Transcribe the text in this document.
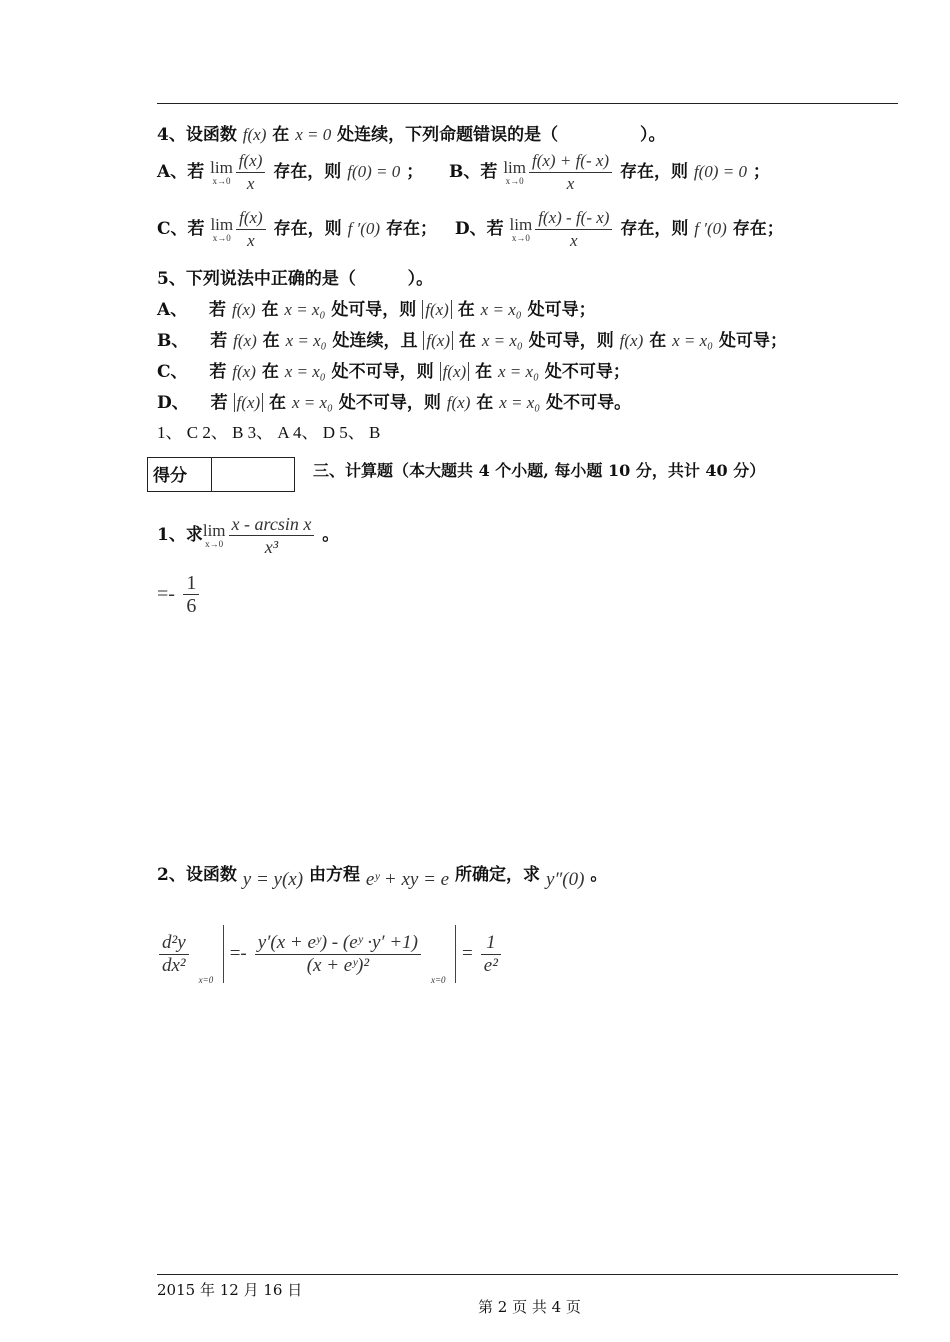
4、设函数 f(x) 在 x = 0 处连续，下列命题错误的是（	）。
A、若 lim
$x\to 0 \frac{f(x)}{x}$ 存在，则 f(0) = 0 ； B、若 lim
$x\to 0 \frac{f(x) + f(- x)}{x}$ 存在，则 f(0) = 0 ；
C、若 lim
$x\to 0 \frac{f(x)}{x}$ 存在，则 f ′(0) 存在； D、若 lim
$x\to 0 \frac{f(x) - f(- x)}{x}$ 存在，则 f ′(0) 存在；
5、下列说法中正确的是（	）。
A、 若 f(x) 在 x = x₀ 处可导，则 f(x) 在 x = x₀ 处可导；
B、 若 f(x) 在 x = x₀ 处连续，且 f(x) 在 x = x₀ 处可导，则 f(x) 在 x = x₀ 处可导；
C、 若 f(x) 在 x = x₀ 处不可导，则 f(x) 在 x = x₀ 处不可导；
D、 若 f(x) 在 x = x₀ 处不可导，则 f(x) 在 x = x₀ 处不可导。
1、 C 2、 B 3、 A 4、 D 5、 B
得分	三、计算题（本大题共 4 个小题, 每小题 10 分，共计 40 分）
1、求 lim
$x\to 0 \frac{\text{x - arcsin x}}{\text{x³}}$ 。
=- $\frac{1}{6}$
2、设函数 y = y(x) 由方程 eʸ + xy = e 所确定，求 y″(0) 。
$\frac{\text{d²y}}{\text{dx²}}$
x=0
=- $\frac{\text{y′(x + eʸ) - (eʸ ·y′ +1)}}{\text{(x + eʸ)²}}$
x=0
= $\frac{1}{\text{e²}}$
2015 年 12 月 16 日
第 2 页 共 4 页
